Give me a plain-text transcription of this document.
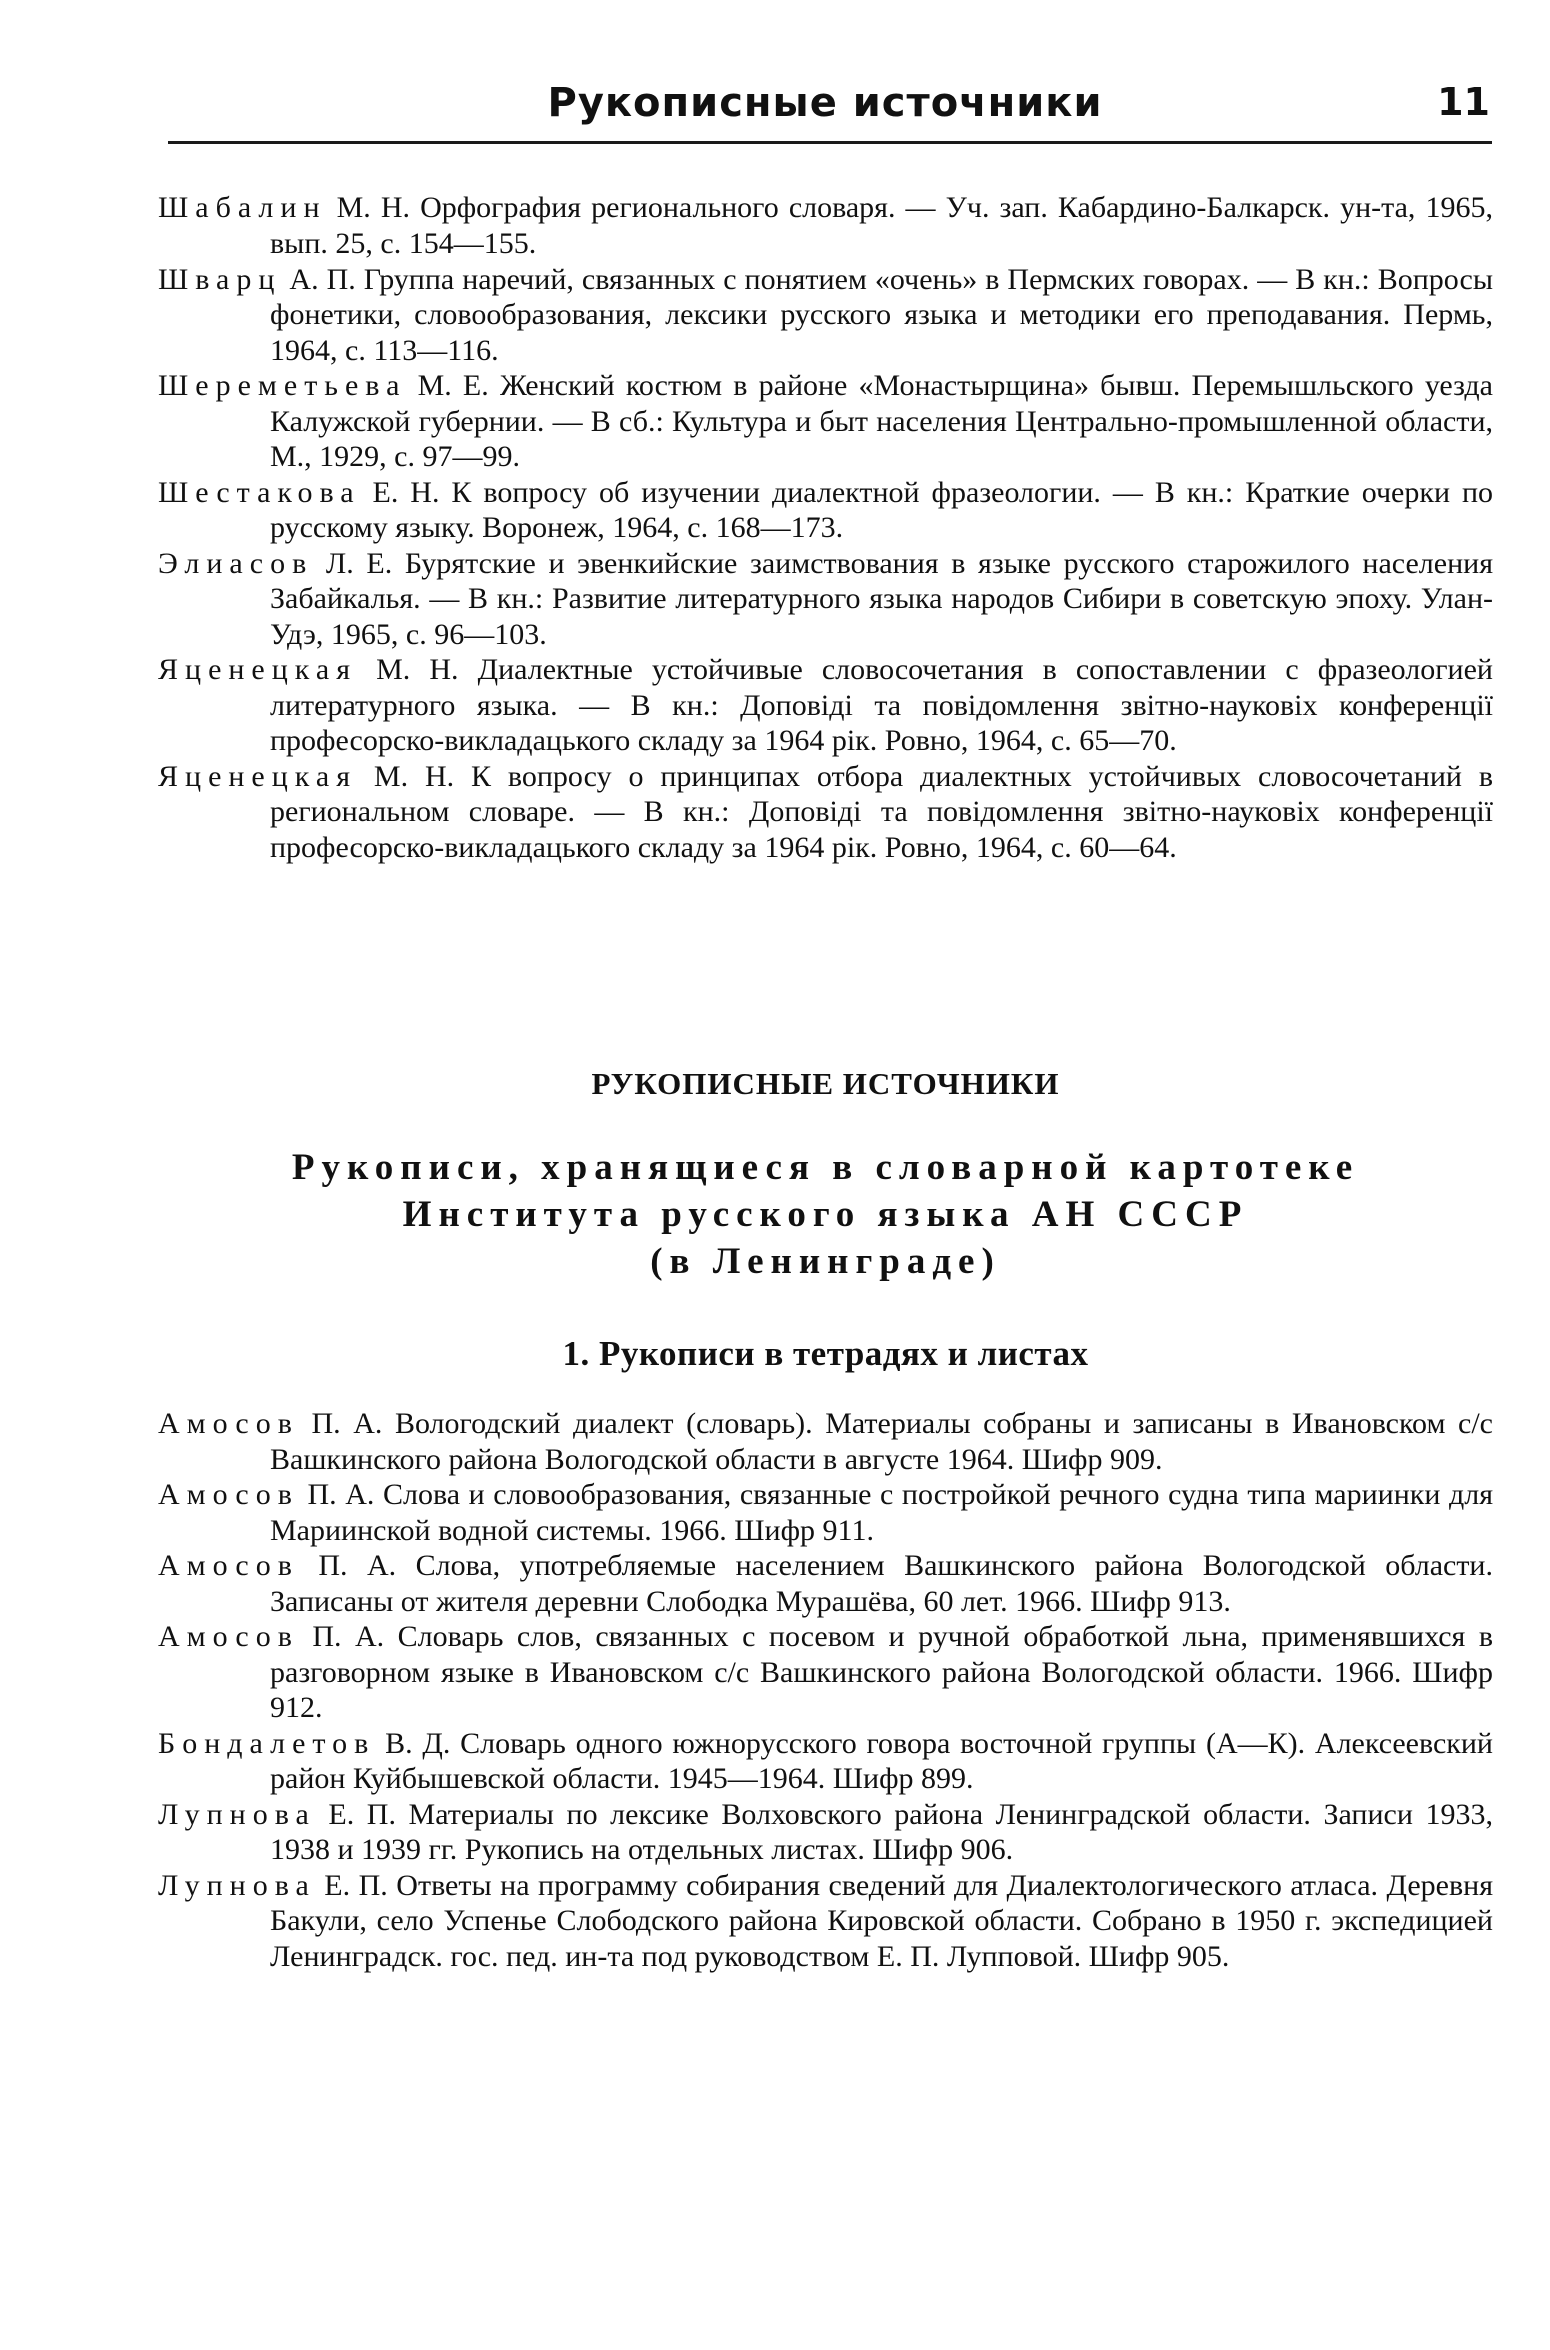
Рукописные источники	11

Шабалин М. Н. Орфография регионального словаря. — Уч. зап. Кабардино-Балкарск. ун-та, 1965, вып. 25, с. 154—155.

Шварц А. П. Группа наречий, связанных с понятием «очень» в Пермских говорах. — В кн.: Вопросы фонетики, словообразования, лексики русского языка и методики его преподавания. Пермь, 1964, с. 113—116.

Шереметьева М. Е. Женский костюм в районе «Монастырщина» бывш. Перемышльского уезда Калужской губернии. — В сб.: Культура и быт населения Центрально-промышленной области, М., 1929, с. 97—99.

Шестакова Е. Н. К вопросу об изучении диалектной фразеологии. — В кн.: Краткие очерки по русскому языку. Воронеж, 1964, с. 168—173.

Элиасов Л. Е. Бурятские и эвенкийские заимствования в языке русского старожилого населения Забайкалья. — В кн.: Развитие литературного языка народов Сибири в советскую эпоху. Улан-Удэ, 1965, с. 96—103.

Яценецкая М. Н. Диалектные устойчивые словосочетания в сопоставлении с фразеологией литературного языка. — В кн.: Доповіді та повідомлення звітно-науковіх конференції професорско-викладацького складу за 1964 рік. Ровно, 1964, с. 65—70.

Яценецкая М. Н. К вопросу о принципах отбора диалектных устойчивых словосочетаний в региональном словаре. — В кн.: Доповіді та повідомлення звітно-науковіх конференції професорско-викладацького складу за 1964 рік. Ровно, 1964, с. 60—64.

РУКОПИСНЫЕ ИСТОЧНИКИ
Рукописи, хранящиеся в словарной картотеке
Института русского языка АН СССР
(в Ленинграде)
1. Рукописи в тетрадях и листах

Амосов П. А. Вологодский диалект (словарь). Материалы собраны и записаны в Ивановском с/с Вашкинского района Вологодской области в августе 1964. Шифр 909.

Амосов П. А. Слова и словообразования, связанные с постройкой речного судна типа мариинки для Мариинской водной системы. 1966. Шифр 911.

Амосов П. А. Слова, употребляемые населением Вашкинского района Вологодской области. Записаны от жителя деревни Слободка Мурашёва, 60 лет. 1966. Шифр 913.

Амосов П. А. Словарь слов, связанных с посевом и ручной обработкой льна, применявшихся в разговорном языке в Ивановском с/с Вашкинского района Вологодской области. 1966. Шифр 912.

Бондалетов В. Д. Словарь одного южнорусского говора восточной группы (А—К). Алексеевский район Куйбышевской области. 1945—1964. Шифр 899.

Лупнова Е. П. Материалы по лексике Волховского района Ленинградской области. Записи 1933, 1938 и 1939 гг. Рукопись на отдельных листах. Шифр 906.

Лупнова Е. П. Ответы на программу собирания сведений для Диалектологического атласа. Деревня Бакули, село Успенье Слободского района Кировской области. Собрано в 1950 г. экспедицией Ленинградск. гос. пед. ин-та под руководством Е. П. Лупповой. Шифр 905.
